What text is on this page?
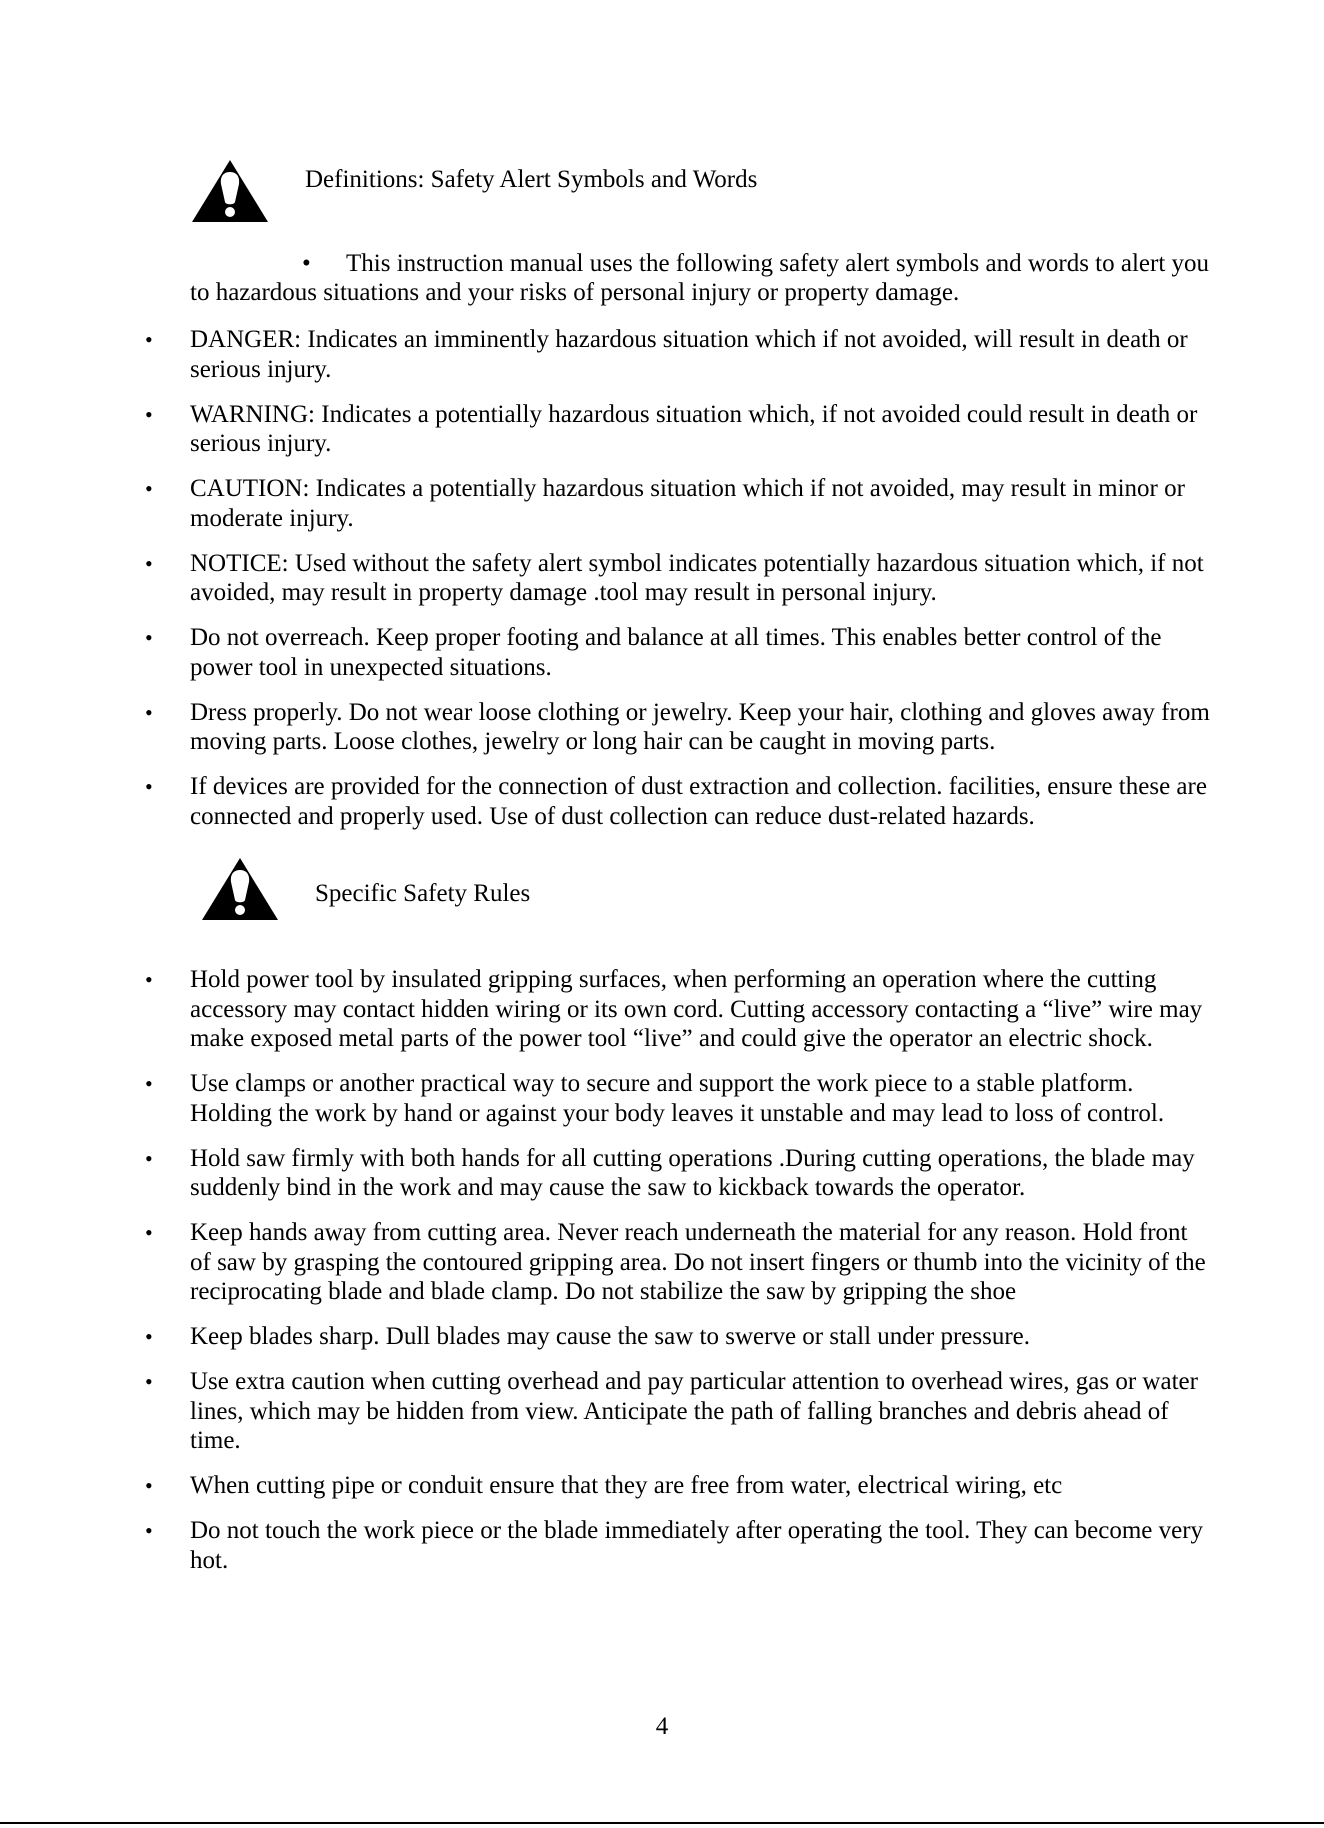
Definitions: Safety Alert Symbols and Words
• This instruction manual uses the following safety alert symbols and words to alert you to hazardous situations and your risks of personal injury or property damage.
• DANGER: Indicates an imminently hazardous situation which if not avoided, will result in death or serious injury.
• WARNING: Indicates a potentially hazardous situation which, if not avoided could result in death or serious injury.
• CAUTION: Indicates a potentially hazardous situation which if not avoided, may result in minor or moderate injury.
• NOTICE: Used without the safety alert symbol indicates potentially hazardous situation which, if not avoided, may result in property damage .tool may result in personal injury.
• Do not overreach. Keep proper footing and balance at all times. This enables better control of the power tool in unexpected situations.
• Dress properly. Do not wear loose clothing or jewelry. Keep your hair, clothing and gloves away from moving parts. Loose clothes, jewelry or long hair can be caught in moving parts.
• If devices are provided for the connection of dust extraction and collection. facilities, ensure these are connected and properly used. Use of dust collection can reduce dust-related hazards.
Specific Safety Rules
• Hold power tool by insulated gripping surfaces, when performing an operation where the cutting accessory may contact hidden wiring or its own cord. Cutting accessory contacting a “live” wire may make exposed metal parts of the power tool “live” and could give the operator an electric shock.
• Use clamps or another practical way to secure and support the work piece to a stable platform. Holding the work by hand or against your body leaves it unstable and may lead to loss of control.
• Hold saw firmly with both hands for all cutting operations .During cutting operations, the blade may suddenly bind in the work and may cause the saw to kickback towards the operator.
• Keep hands away from cutting area. Never reach underneath the material for any reason. Hold front of saw by grasping the contoured gripping area. Do not insert fingers or thumb into the vicinity of the reciprocating blade and blade clamp. Do not stabilize the saw by gripping the shoe
• Keep blades sharp. Dull blades may cause the saw to swerve or stall under pressure.
• Use extra caution when cutting overhead and pay particular attention to overhead wires, gas or water lines, which may be hidden from view. Anticipate the path of falling branches and debris ahead of time.
• When cutting pipe or conduit ensure that they are free from water, electrical wiring, etc
• Do not touch the work piece or the blade immediately after operating the tool. They can become very hot.
4
